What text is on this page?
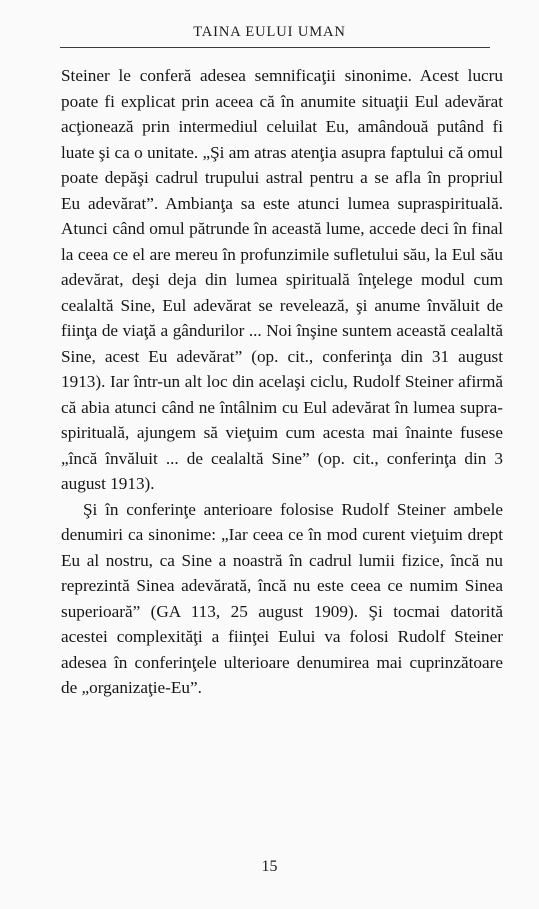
TAINA EULUI UMAN

Steiner le conferă adesea semnificaţii sinonime. Acest lucru poate fi explicat prin aceea că în anumite situaţii Eul adevărat acţionează prin intermediul celuilat Eu, amândouă putând fi luate şi ca o unitate. „Şi am atras atenţia asupra faptului că omul poate depăşi cadrul trupului astral pentru a se afla în propriul Eu adevărat”. Ambianţa sa este atunci lumea supraspirituală. Atunci când omul pătrunde în această lume, accede deci în final la ceea ce el are mereu în profunzimile sufletului său, la Eul său adevărat, deşi deja din lumea spirituală înţelege modul cum cealaltă Sine, Eul adevărat se revelează, şi anume învăluit de fiinţa de viaţă a gândurilor ... Noi înşine suntem această cealaltă Sine, acest Eu adevărat” (op. cit., conferinţa din 31 august 1913). Iar într-un alt loc din acelaşi ciclu, Rudolf Steiner afirmă că abia atunci când ne întâlnim cu Eul adevărat în lumea supra-spirituală, ajungem să vieţuim cum acesta mai înainte fusese „încă învăluit ... de cealaltă Sine” (op. cit., conferinţa din 3 august 1913).

Şi în conferinţe anterioare folosise Rudolf Steiner ambele denumiri ca sinonime: „Iar ceea ce în mod curent vieţuim drept Eu al nostru, ca Sine a noastră în cadrul lumii fizice, încă nu reprezintă Sinea adevărată, încă nu este ceea ce numim Sinea superioară” (GA 113, 25 august 1909). Şi tocmai datorită acestei complexităţi a fiinţei Eului va folosi Rudolf Steiner adesea în conferinţele ulterioare denumirea mai cuprinzătoare de „organizaţie-Eu”.

15
